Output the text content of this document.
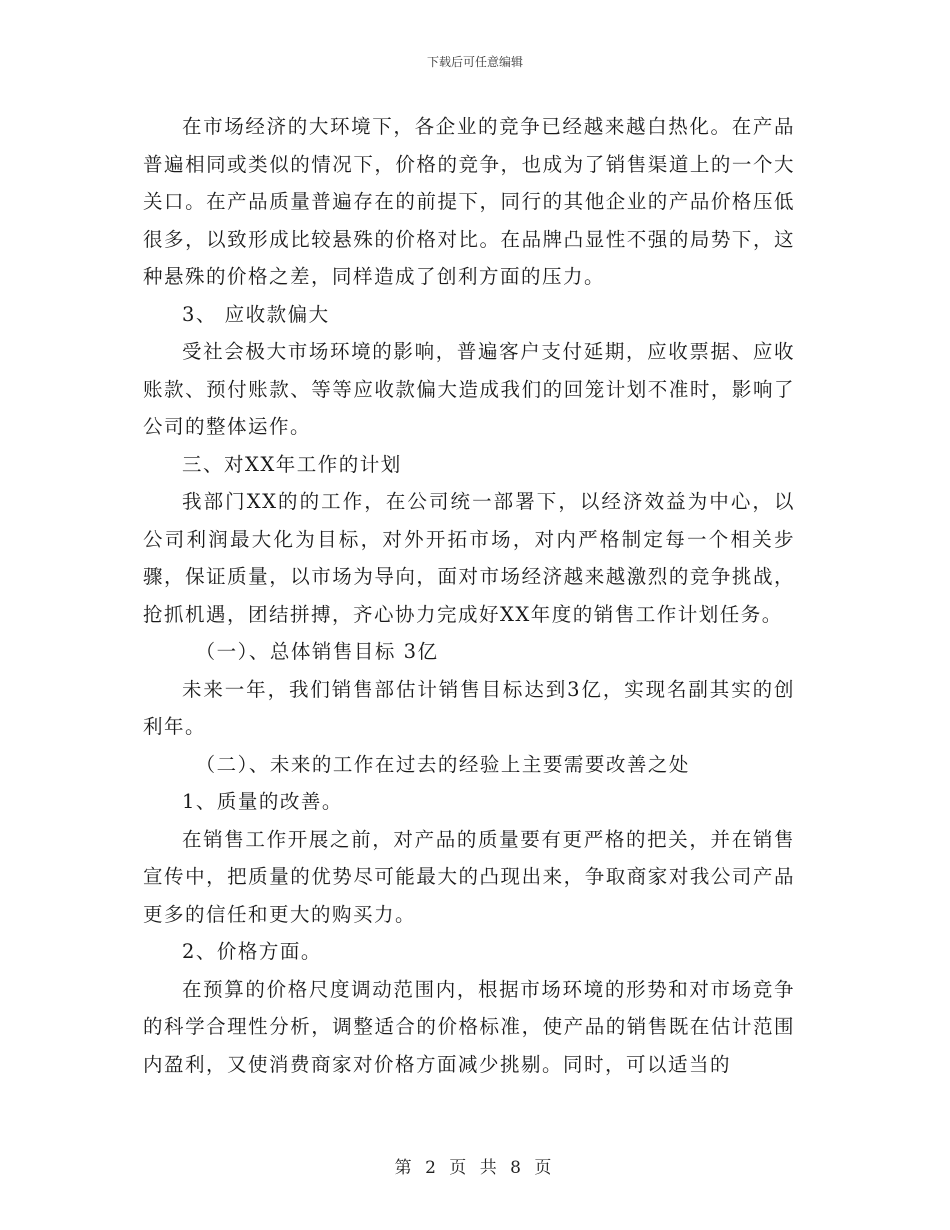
下载后可任意编辑

在市场经济的大环境下，各企业的竞争已经越来越白热化。在产品普遍相同或类似的情况下，价格的竞争，也成为了销售渠道上的一个大关口。在产品质量普遍存在的前提下，同行的其他企业的产品价格压低很多，以致形成比较悬殊的价格对比。在品牌凸显性不强的局势下，这种悬殊的价格之差，同样造成了创利方面的压力。

3、 应收款偏大

受社会极大市场环境的影响，普遍客户支付延期，应收票据、应收账款、预付账款、等等应收款偏大造成我们的回笼计划不准时，影响了公司的整体运作。

三、对XX年工作的计划

我部门XX的的工作，在公司统一部署下，以经济效益为中心，以公司利润最大化为目标，对外开拓市场，对内严格制定每一个相关步骤，保证质量，以市场为导向，面对市场经济越来越激烈的竞争挑战，抢抓机遇，团结拼搏，齐心协力完成好XX年度的销售工作计划任务。

（一）、总体销售目标 3亿

未来一年，我们销售部估计销售目标达到3亿，实现名副其实的创利年。

（二）、未来的工作在过去的经验上主要需要改善之处

1、质量的改善。

在销售工作开展之前，对产品的质量要有更严格的把关，并在销售宣传中，把质量的优势尽可能最大的凸现出来，争取商家对我公司产品更多的信任和更大的购买力。

2、价格方面。

在预算的价格尺度调动范围内，根据市场环境的形势和对市场竞争的科学合理性分析，调整适合的价格标准，使产品的销售既在估计范围内盈利，又使消费商家对价格方面减少挑剔。同时，可以适当的

第 2 页 共 8 页
